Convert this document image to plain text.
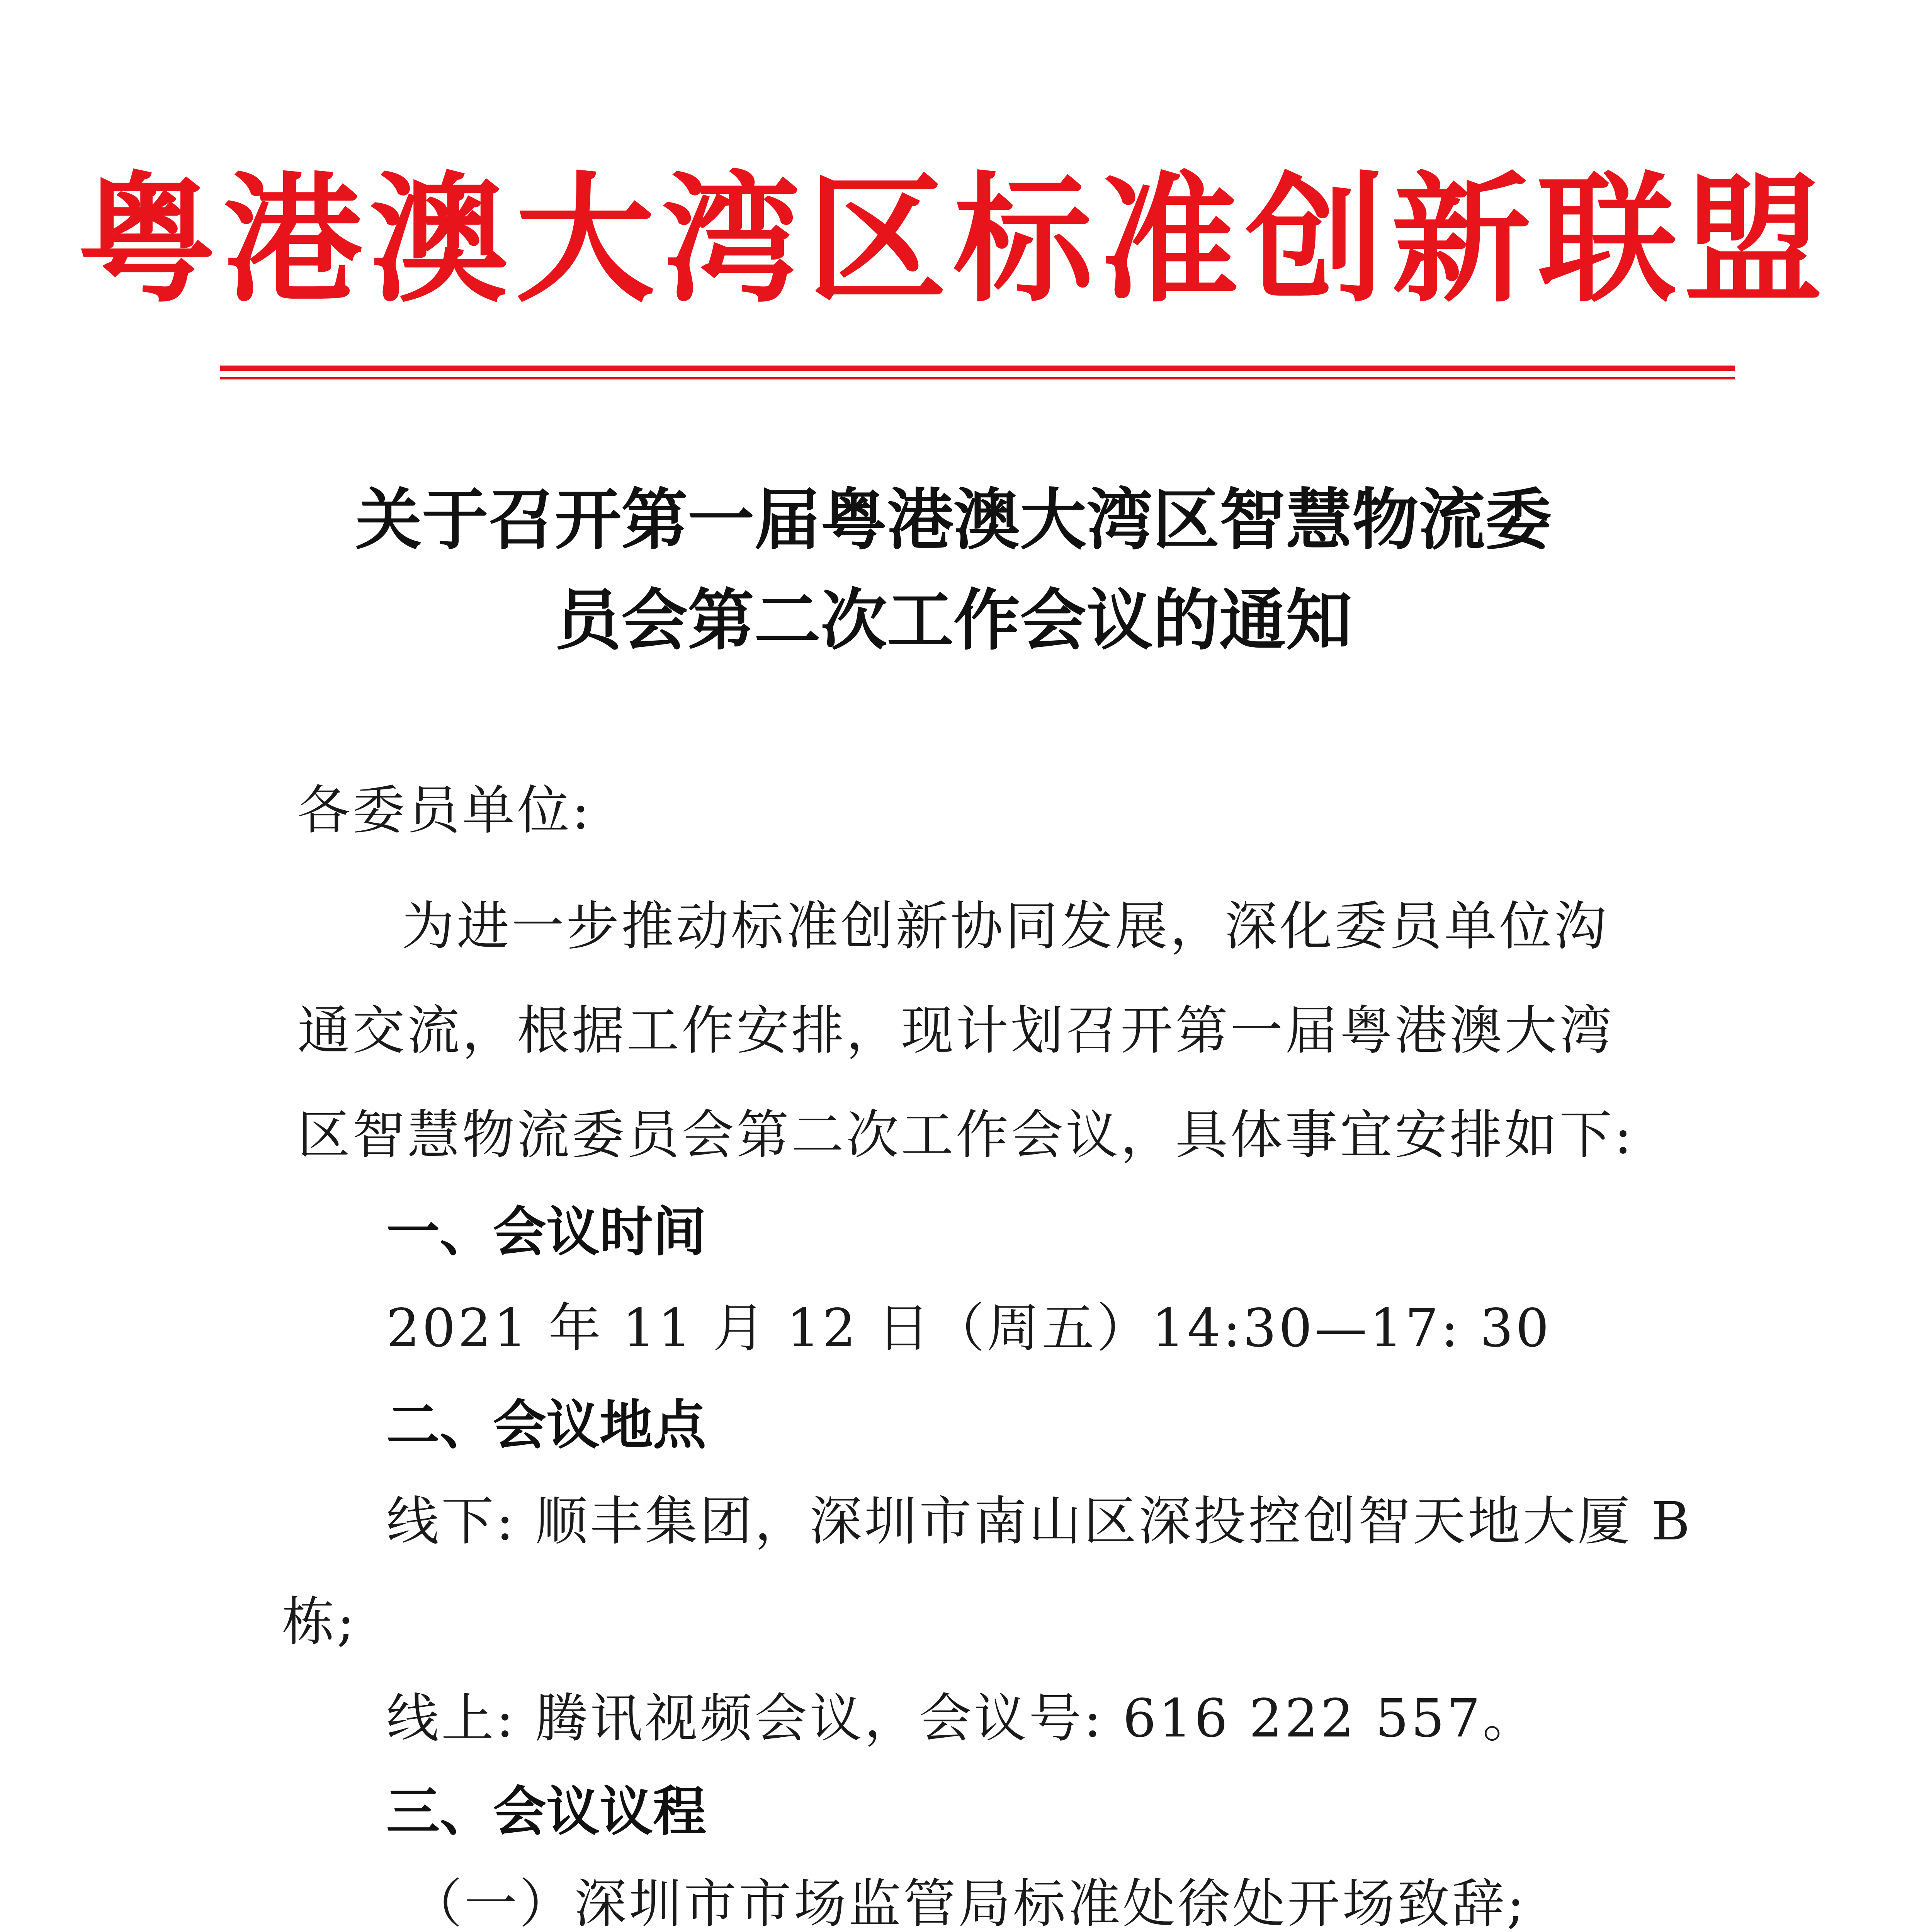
粤港澳大湾区标准创新联盟
关于召开第一届粤港澳大湾区智慧物流委
员会第二次工作会议的通知
各委员单位:
为进一步推动标准创新协同发展，深化委员单位沟
通交流，根据工作安排，现计划召开第一届粤港澳大湾
区智慧物流委员会第二次工作会议，具体事宜安排如下:
一、会议时间
2021 年 11 月 12 日（周五）14:30—17: 30
二、会议地点
线下: 顺丰集团，深圳市南山区深投控创智天地大厦 B
栋;
线上: 腾讯视频会议，会议号: 616 222 557。
三、会议议程
（一）深圳市市场监管局标准处徐处开场致辞;
